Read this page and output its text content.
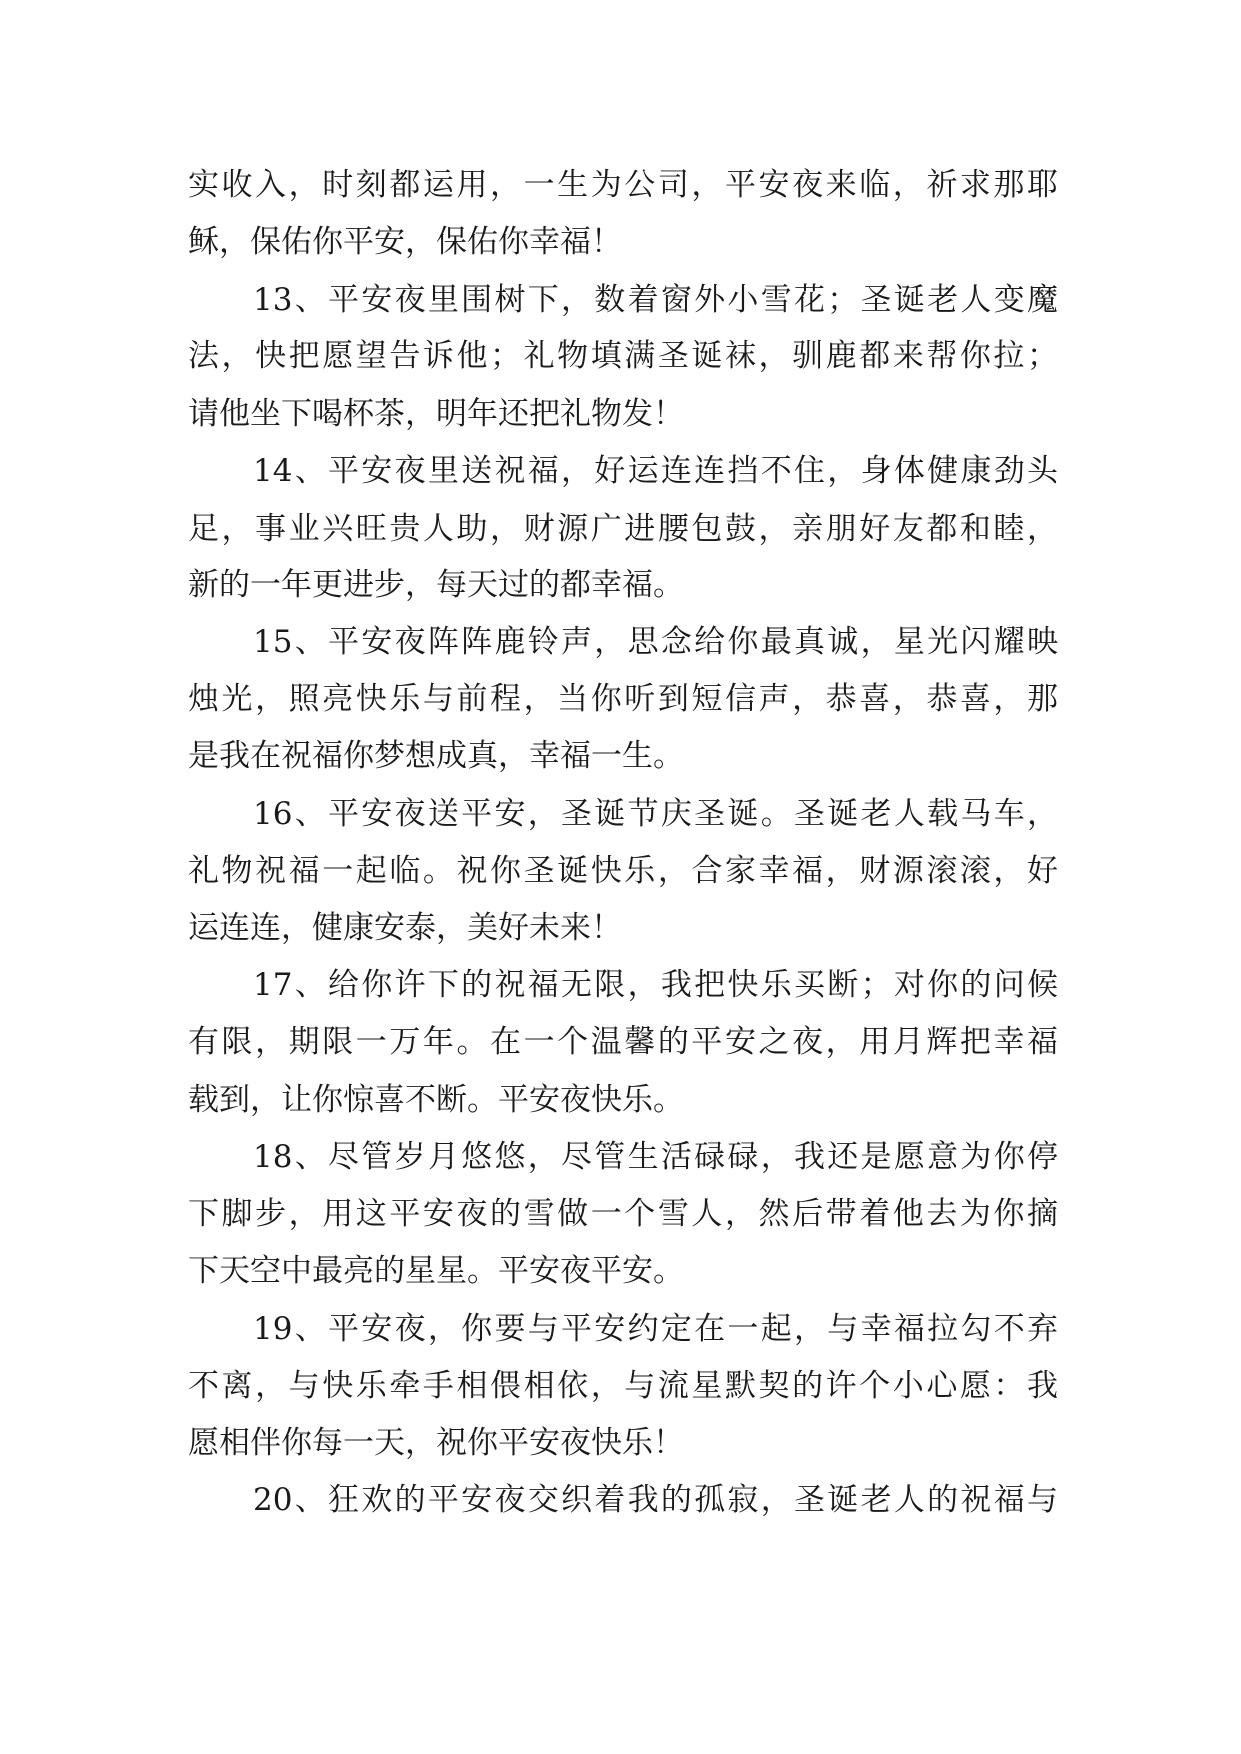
实收入，时刻都运用，一生为公司，平安夜来临，祈求那耶
稣，保佑你平安，保佑你幸福！
13、平安夜里围树下，数着窗外小雪花；圣诞老人变魔
法，快把愿望告诉他；礼物填满圣诞袜，驯鹿都来帮你拉；
请他坐下喝杯茶，明年还把礼物发！
14、平安夜里送祝福，好运连连挡不住，身体健康劲头
足，事业兴旺贵人助，财源广进腰包鼓，亲朋好友都和睦，
新的一年更进步，每天过的都幸福。
15、平安夜阵阵鹿铃声，思念给你最真诚，星光闪耀映
烛光，照亮快乐与前程，当你听到短信声，恭喜，恭喜，那
是我在祝福你梦想成真，幸福一生。
16、平安夜送平安，圣诞节庆圣诞。圣诞老人载马车，
礼物祝福一起临。祝你圣诞快乐，合家幸福，财源滚滚，好
运连连，健康安泰，美好未来！
17、给你许下的祝福无限，我把快乐买断；对你的问候
有限，期限一万年。在一个温馨的平安之夜，用月辉把幸福
载到，让你惊喜不断。平安夜快乐。
18、尽管岁月悠悠，尽管生活碌碌，我还是愿意为你停
下脚步，用这平安夜的雪做一个雪人，然后带着他去为你摘
下天空中最亮的星星。平安夜平安。
19、平安夜，你要与平安约定在一起，与幸福拉勾不弃
不离，与快乐牵手相偎相依，与流星默契的许个小心愿：我
愿相伴你每一天，祝你平安夜快乐！
20、狂欢的平安夜交织着我的孤寂，圣诞老人的祝福与
